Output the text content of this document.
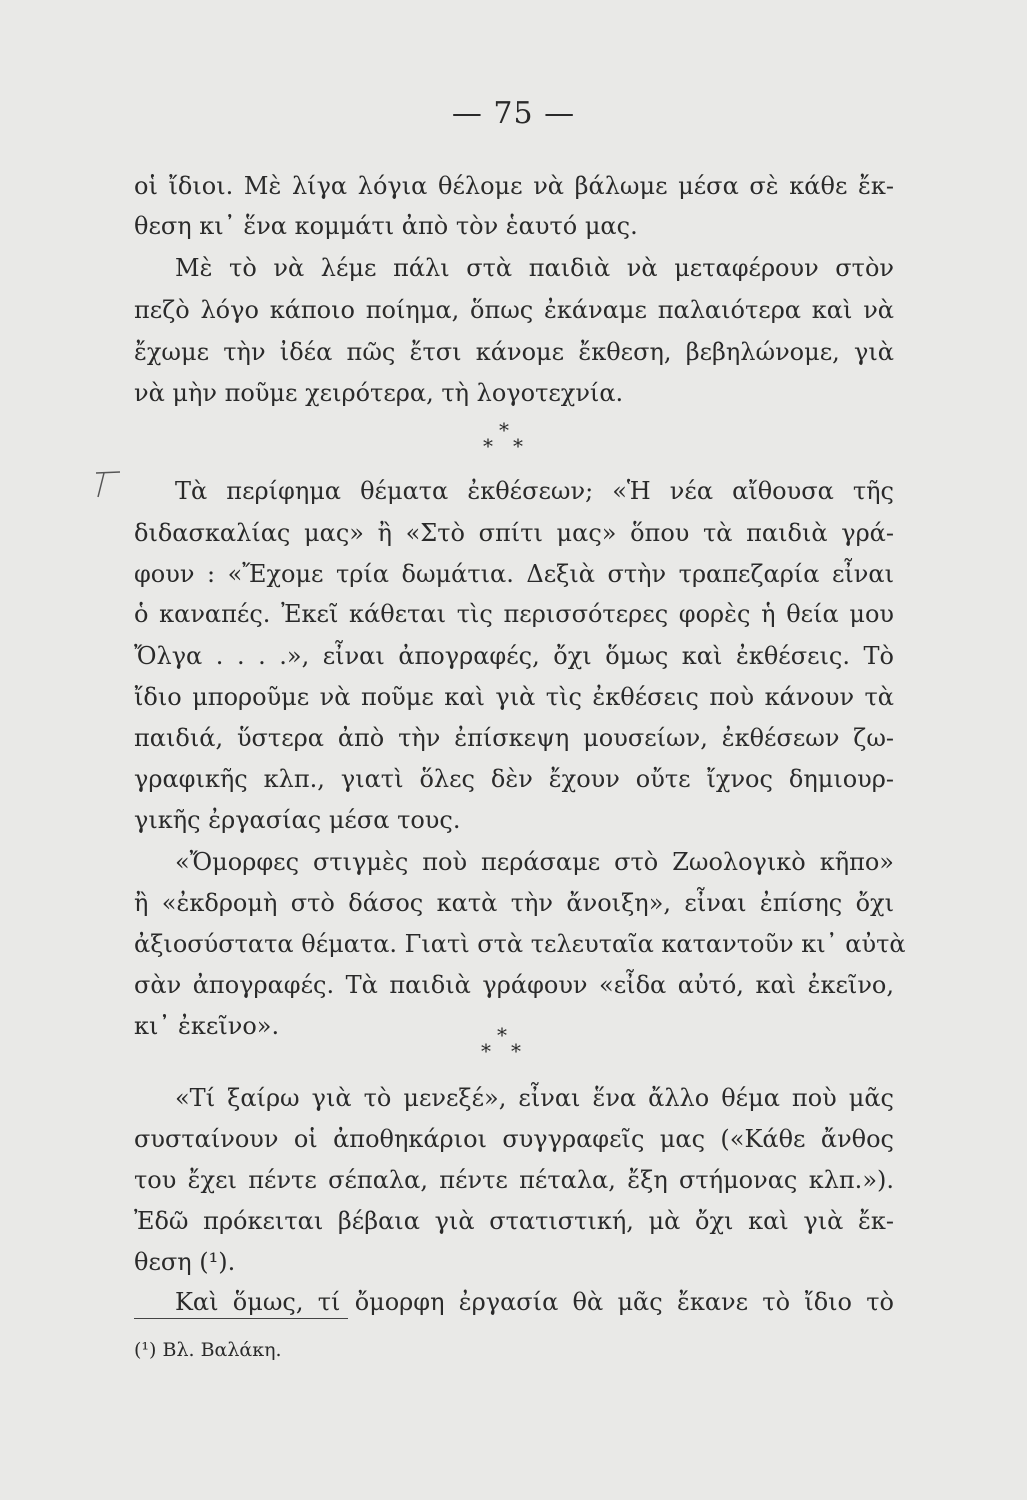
— 75 —
οἱ ἴδιοι. Μὲ λίγα λόγια θέλομε νὰ βάλωμε μέσα σὲ κάθε ἔκ-
θεση κι᾿ ἕνα κομμάτι ἀπὸ τὸν ἑαυτό μας.
Μὲ τὸ νὰ λέμε πάλι στὰ παιδιὰ νὰ μεταφέρουν στὸν
πεζὸ λόγο κάποιο ποίημα, ὅπως ἐκάναμε παλαιότερα καὶ νὰ
ἔχωμε τὴν ἰδέα πῶς ἔτσι κάνομε ἔκθεση, βεβηλώνομε, γιὰ
νὰ μὴν ποῦμε χειρότερα, τὴ λογοτεχνία.
*
* *
Τὰ περίφημα θέματα ἐκθέσεων; «Ἡ νέα αἴθουσα τῆς
διδασκαλίας μας» ἢ «Στὸ σπίτι μας» ὅπου τὰ παιδιὰ γρά-
φουν : «Ἔχομε τρία δωμάτια. Δεξιὰ στὴν τραπεζαρία εἶναι
ὁ καναπές. Ἐκεῖ κάθεται τὶς περισσότερες φορὲς ἡ θεία μου
Ὄλγα . . . .», εἶναι ἀπογραφές, ὄχι ὅμως καὶ ἐκθέσεις. Τὸ
ἴδιο μποροῦμε νὰ ποῦμε καὶ γιὰ τὶς ἐκθέσεις ποὺ κάνουν τὰ
παιδιά, ὕστερα ἀπὸ τὴν ἐπίσκεψη μουσείων, ἐκθέσεων ζω-
γραφικῆς κλπ., γιατὶ ὅλες δὲν ἔχουν οὔτε ἴχνος δημιουρ-
γικῆς ἐργασίας μέσα τους.
«Ὄμορφες στιγμὲς ποὺ περάσαμε στὸ Ζωολογικὸ κῆπο»
ἢ «ἐκδρομὴ στὸ δάσος κατὰ τὴν ἄνοιξη», εἶναι ἐπίσης ὄχι
ἀξιοσύστατα θέματα. Γιατὶ στὰ τελευταῖα καταντοῦν κι᾿ αὐτὰ
σὰν ἀπογραφές. Τὰ παιδιὰ γράφουν «εἶδα αὐτό, καὶ ἐκεῖνο,
κι᾿ ἐκεῖνο».	*
* *
«Τί ξαίρω γιὰ τὸ μενεξέ», εἶναι ἕνα ἄλλο θέμα ποὺ μᾶς
συσταίνουν οἱ ἀποθηκάριοι συγγραφεῖς μας («Κάθε ἄνθος
του ἔχει πέντε σέπαλα, πέντε πέταλα, ἔξη στήμονας κλπ.»).
Ἐδῶ πρόκειται βέβαια γιὰ στατιστική, μὰ ὄχι καὶ γιὰ ἔκ-
θεση (¹).
Καὶ ὅμως, τί ὄμορφη ἐργασία θὰ μᾶς ἔκανε τὸ ἴδιο τὸ
(¹) Βλ. Βαλάκη.
